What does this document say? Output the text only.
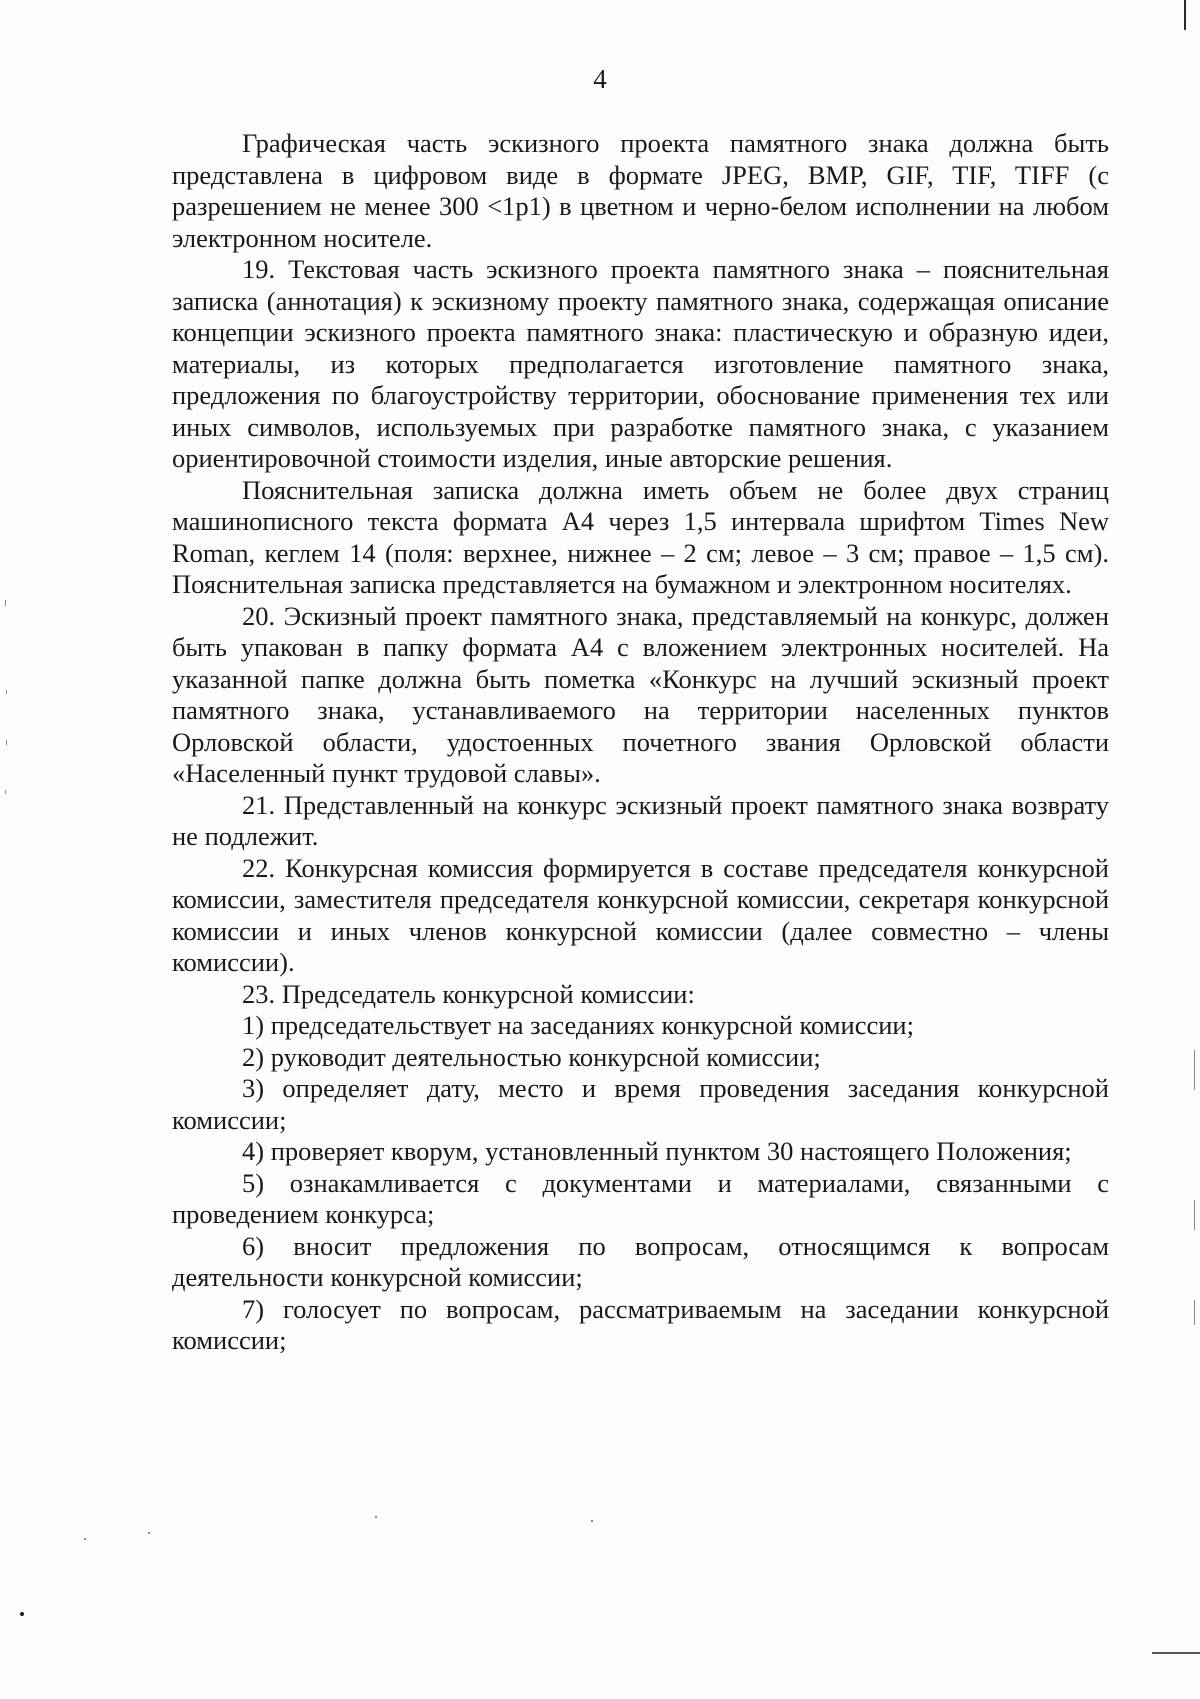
4

Графическая часть эскизного проекта памятного знака должна быть представлена в цифровом виде в формате JPEG, BMP, GIF, TIF, TIFF (с разрешением не менее 300 <1p1) в цветном и черно-белом исполнении на любом электронном носителе.

19. Текстовая часть эскизного проекта памятного знака – пояснительная записка (аннотация) к эскизному проекту памятного знака, содержащая описание концепции эскизного проекта памятного знака: пластическую и образную идеи, материалы, из которых предполагается изготовление памятного знака, предложения по благоустройству территории, обоснование применения тех или иных символов, используемых при разработке памятного знака, с указанием ориентировочной стоимости изделия, иные авторские решения.

Пояснительная записка должна иметь объем не более двух страниц машинописного текста формата А4 через 1,5 интервала шрифтом Times New Roman, кеглем 14 (поля: верхнее, нижнее – 2 см; левое – 3 см; правое – 1,5 см). Пояснительная записка представляется на бумажном и электронном носителях.

20. Эскизный проект памятного знака, представляемый на конкурс, должен быть упакован в папку формата А4 с вложением электронных носителей. На указанной папке должна быть пометка «Конкурс на лучший эскизный проект памятного знака, устанавливаемого на территории населенных пунктов Орловской области, удостоенных почетного звания Орловской области «Населенный пункт трудовой славы».

21. Представленный на конкурс эскизный проект памятного знака возврату не подлежит.

22. Конкурсная комиссия формируется в составе председателя конкурсной комиссии, заместителя председателя конкурсной комиссии, секретаря конкурсной комиссии и иных членов конкурсной комиссии (далее совместно – члены комиссии).

23. Председатель конкурсной комиссии:

1) председательствует на заседаниях конкурсной комиссии;

2) руководит деятельностью конкурсной комиссии;

3) определяет дату, место и время проведения заседания конкурсной комиссии;

4) проверяет кворум, установленный пунктом 30 настоящего Положения;

5) ознакамливается с документами и материалами, связанными с проведением конкурса;

6) вносит предложения по вопросам, относящимся к вопросам деятельности конкурсной комиссии;

7) голосует по вопросам, рассматриваемым на заседании конкурсной комиссии;
